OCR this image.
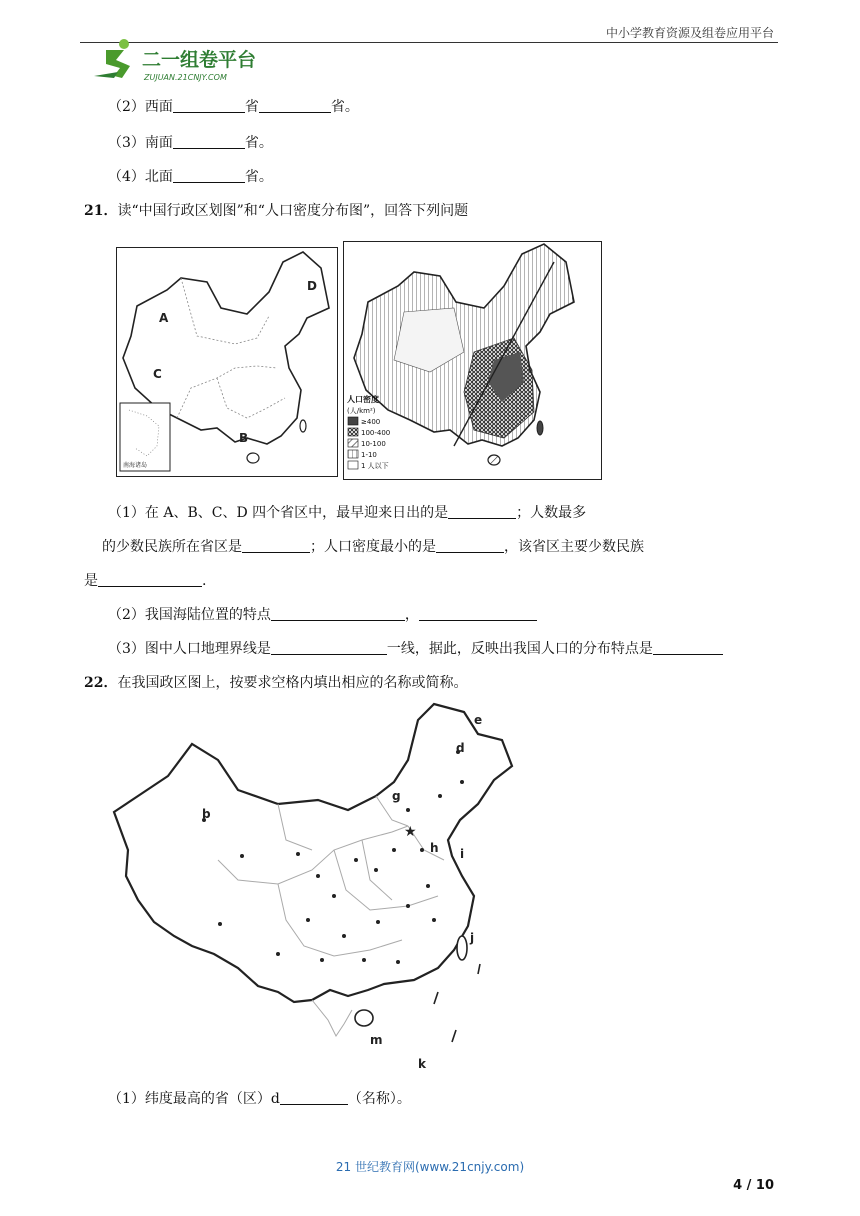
中小学教育资源及组卷应用平台
二一组卷平台
ZUJUAN.21CNJY.COM
（2）西面	省	省。
（3）南面	省。
（4）北面	省。
21．读“中国行政区划图”和“人口密度分布图”，回答下列问题
南海诸岛
A
B
C
D
人口密度
(人/km²)
≥400
100-400
10-100
1-10
1 人以下
（1）在 A、B、C、D 四个省区中，最早迎来日出的是	；人数最多
的少数民族所在省区是	；人口密度最小的是	，该省区主要少数民族
是	.
（2）我国海陆位置的特点	，
（3）图中人口地理界线是	一线，据此，反映出我国人口的分布特点是
22．在我国政区图上，按要求空格内填出相应的名称或简称。
★
b
d
e
g
h i
j
k
m
（1）纬度最高的省（区）d	（名称）。
21 世纪教育网(www.21cnjy.com)
4 / 10
